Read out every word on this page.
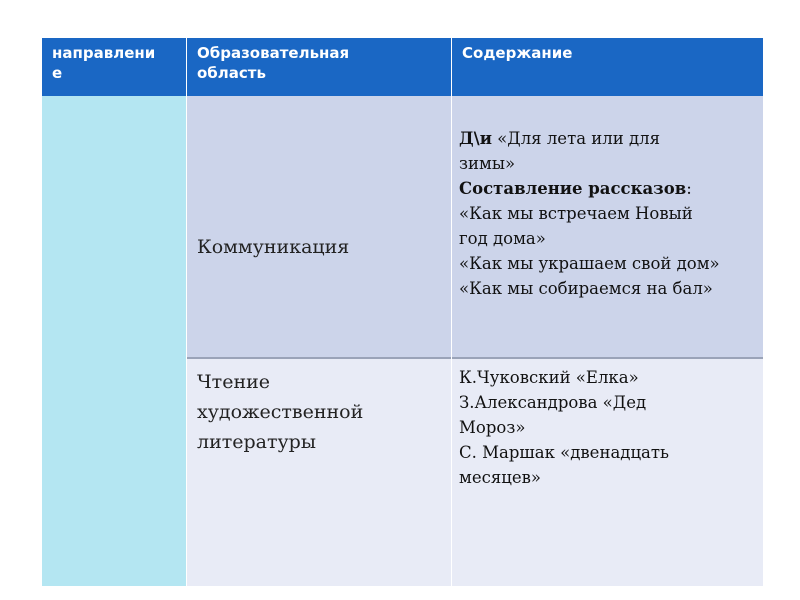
направлени
е
Образовательная
область
Содержание
Коммуникация
Д\и «Для лета или для
зимы»
Составление рассказов:
«Как мы встречаем Новый
год дома»
«Как мы украшаем свой дом»
«Как мы собираемся на бал»
Чтение
художественной
литературы
К.Чуковский «Елка»
З.Александрова «Дед
Мороз»
С. Маршак «двенадцать
месяцев»
